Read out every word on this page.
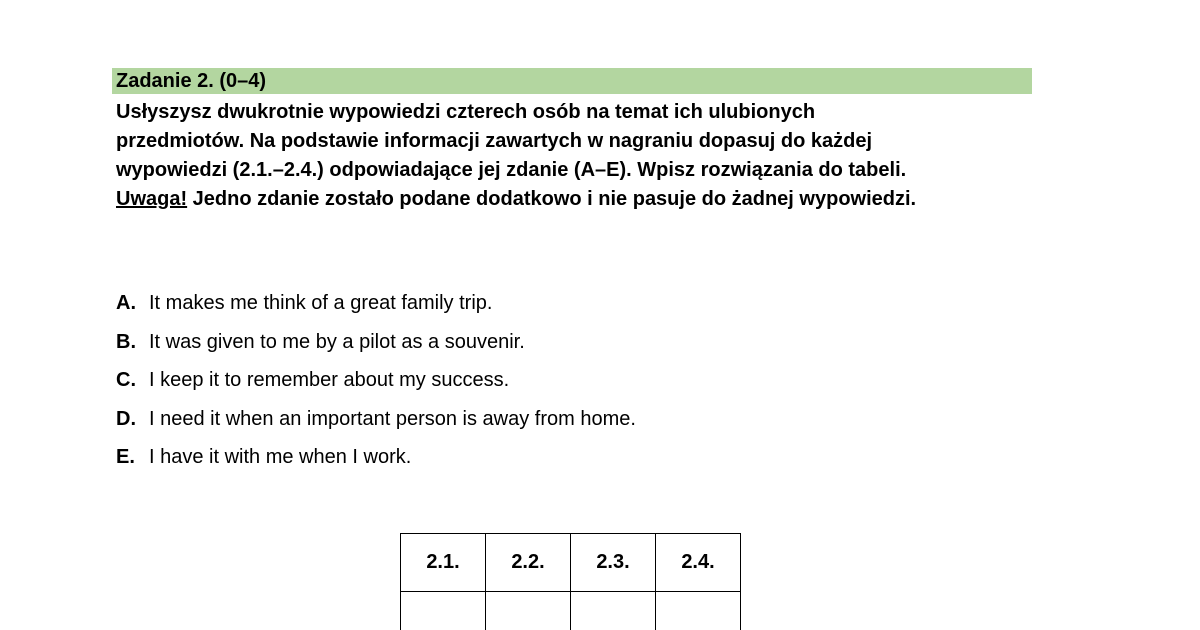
Zadanie 2. (0–4)
Usłyszysz dwukrotnie wypowiedzi czterech osób na temat ich ulubionych
przedmiotów. Na podstawie informacji zawartych w nagraniu dopasuj do każdej
wypowiedzi (2.1.–2.4.) odpowiadające jej zdanie (A–E). Wpisz rozwiązania do tabeli.
Uwaga! Jedno zdanie zostało podane dodatkowo i nie pasuje do żadnej wypowiedzi.
A. It makes me think of a great family trip.
B. It was given to me by a pilot as a souvenir.
C. I keep it to remember about my success.
D. I need it when an important person is away from home.
E. I have it with me when I work.
2.1.	2.2.	2.3.	2.4.
